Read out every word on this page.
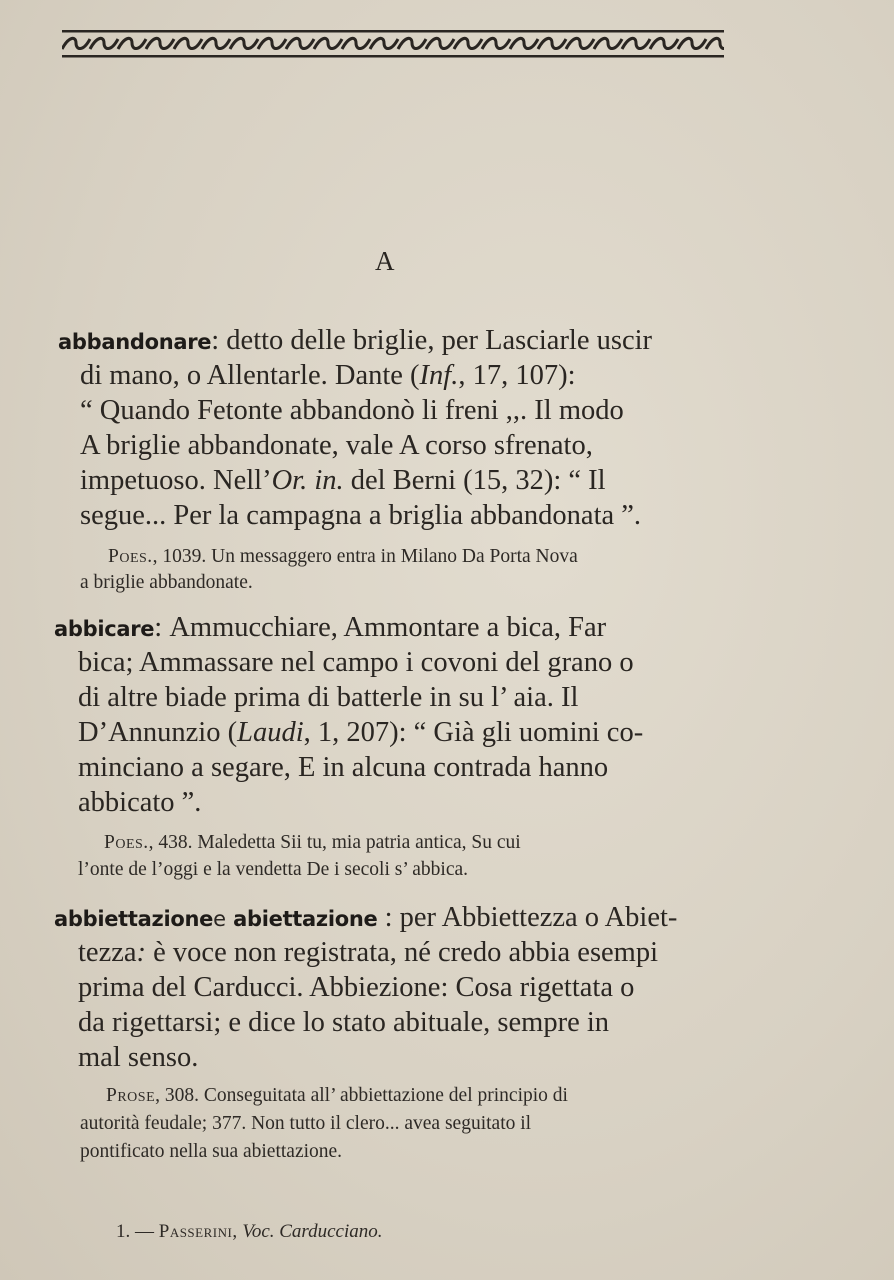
A
abbandonare: detto delle briglie, per Lasciarle uscir
di mano, o Allentarle. Dante (Inf., 17, 107):
“ Quando Fetonte abbandonò li freni ,,. Il modo
A briglie abbandonate, vale A corso sfrenato,
impetuoso. Nell’Or. in. del Berni (15, 32): “ Il
segue... Per la campagna a briglia abbandonata ”.
Poes., 1039. Un messaggero entra in Milano Da Porta Nova
a briglie abbandonate.
abbicare: Ammucchiare, Ammontare a bica, Far
bica; Ammassare nel campo i covoni del grano o
di altre biade prima di batterle in su l’ aia. Il
D’Annunzio (Laudi, 1, 207): “ Già gli uomini co-
minciano a segare, E in alcuna contrada hanno
abbicato ”.
Poes., 438. Maledetta Sii tu, mia patria antica, Su cui
l’onte de l’oggi e la vendetta De i secoli s’ abbica.
abbiettazionee abiettazione : per Abbiettezza o Abiet-
tezza: è voce non registrata, né credo abbia esempi
prima del Carducci. Abbiezione: Cosa rigettata o
da rigettarsi; e dice lo stato abituale, sempre in
mal senso.
Prose, 308. Conseguitata all’ abbiettazione del principio di
autorità feudale; 377. Non tutto il clero... avea seguitato il
pontificato nella sua abiettazione.
1. — Passerini, Voc. Carducciano.
